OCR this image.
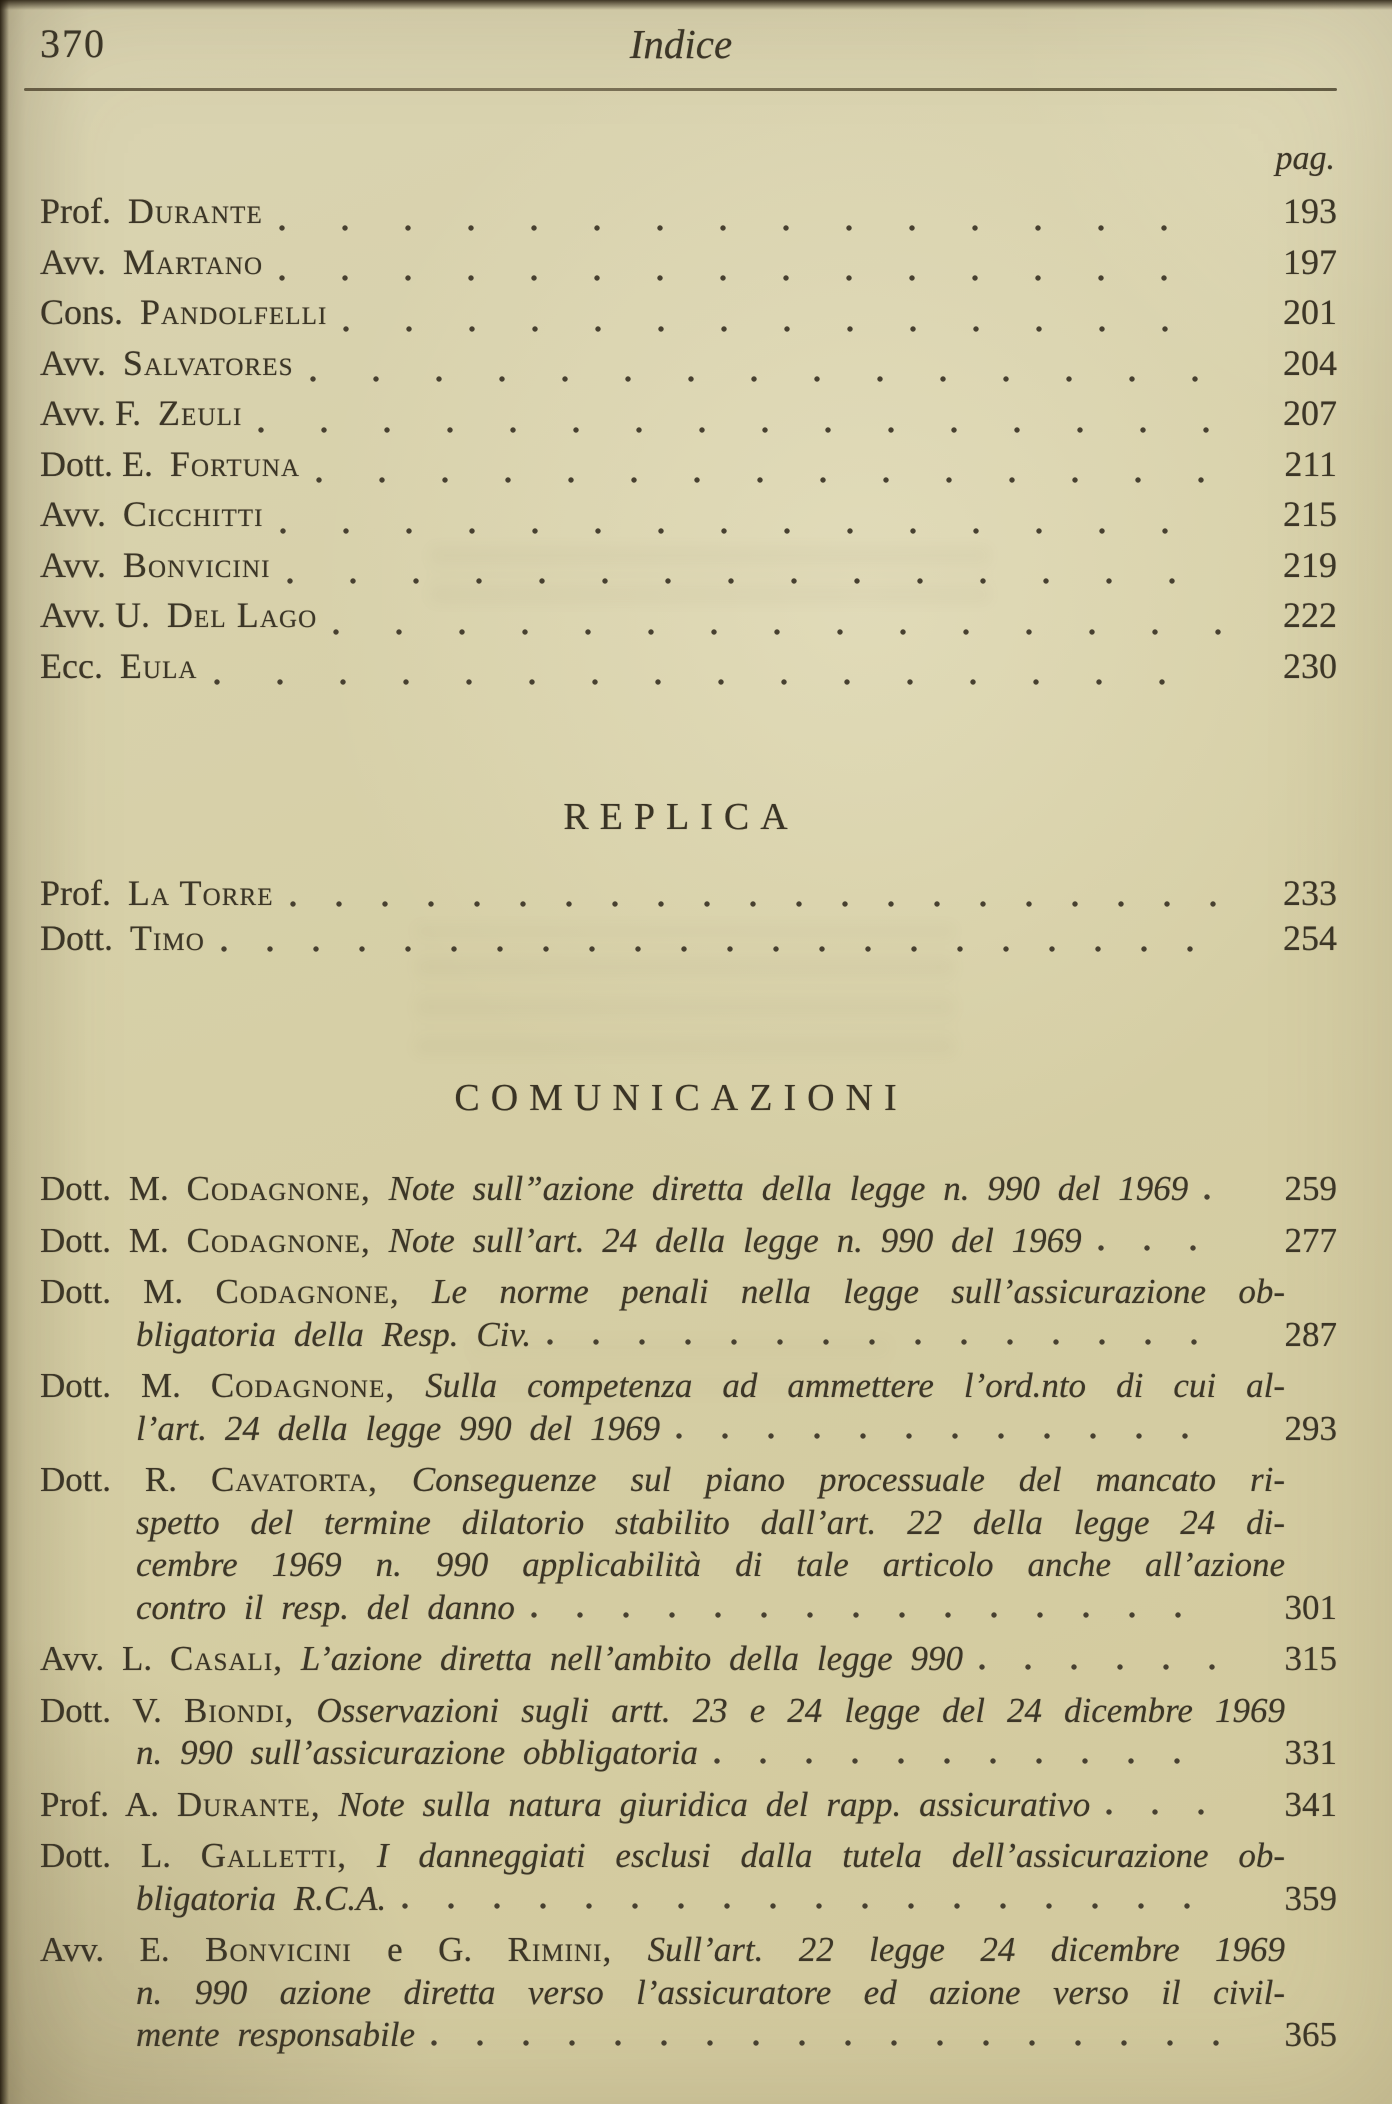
370	Indice
pag.
Prof. Durante	193
Avv. Martano	197
Cons. Pandolfelli	201
Avv. Salvatores	204
Avv. F. Zeuli	207
Dott. E. Fortuna	211
Avv. Cicchitti	215
Avv. Bonvicini	219
Avv. U. Del Lago	222
Ecc. Eula	230
REPLICA
Prof. La Torre	233
Dott. Timo	254
COMUNICAZIONI
Dott. M. Codagnone, Note sull”azione diretta della legge n. 990 del 1969	259
Dott. M. Codagnone, Note sull’art. 24 della legge n. 990 del 1969	277
Dott. M. Codagnone, Le norme penali nella legge sull’assicurazione ob-
bligatoria della Resp. Civ.	287
Dott. M. Codagnone, Sulla competenza ad ammettere l’ord.nto di cui al-
l’art. 24 della legge 990 del 1969	293
Dott. R. Cavatorta, Conseguenze sul piano processuale del mancato ri-
spetto del termine dilatorio stabilito dall’art. 22 della legge 24 di-
cembre 1969 n. 990 applicabilità di tale articolo anche all’azione
contro il resp. del danno	301
Avv. L. Casali, L’azione diretta nell’ambito della legge 990	315
Dott. V. Biondi, Osservazioni sugli artt. 23 e 24 legge del 24 dicembre 1969
n. 990 sull’assicurazione obbligatoria	331
Prof. A. Durante, Note sulla natura giuridica del rapp. assicurativo	341
Dott. L. Galletti, I danneggiati esclusi dalla tutela dell’assicurazione ob-
bligatoria R.C.A.	359
Avv. E. Bonvicini e G. Rimini, Sull’art. 22 legge 24 dicembre 1969
n. 990 azione diretta verso l’assicuratore ed azione verso il civil-
mente responsabile	365
